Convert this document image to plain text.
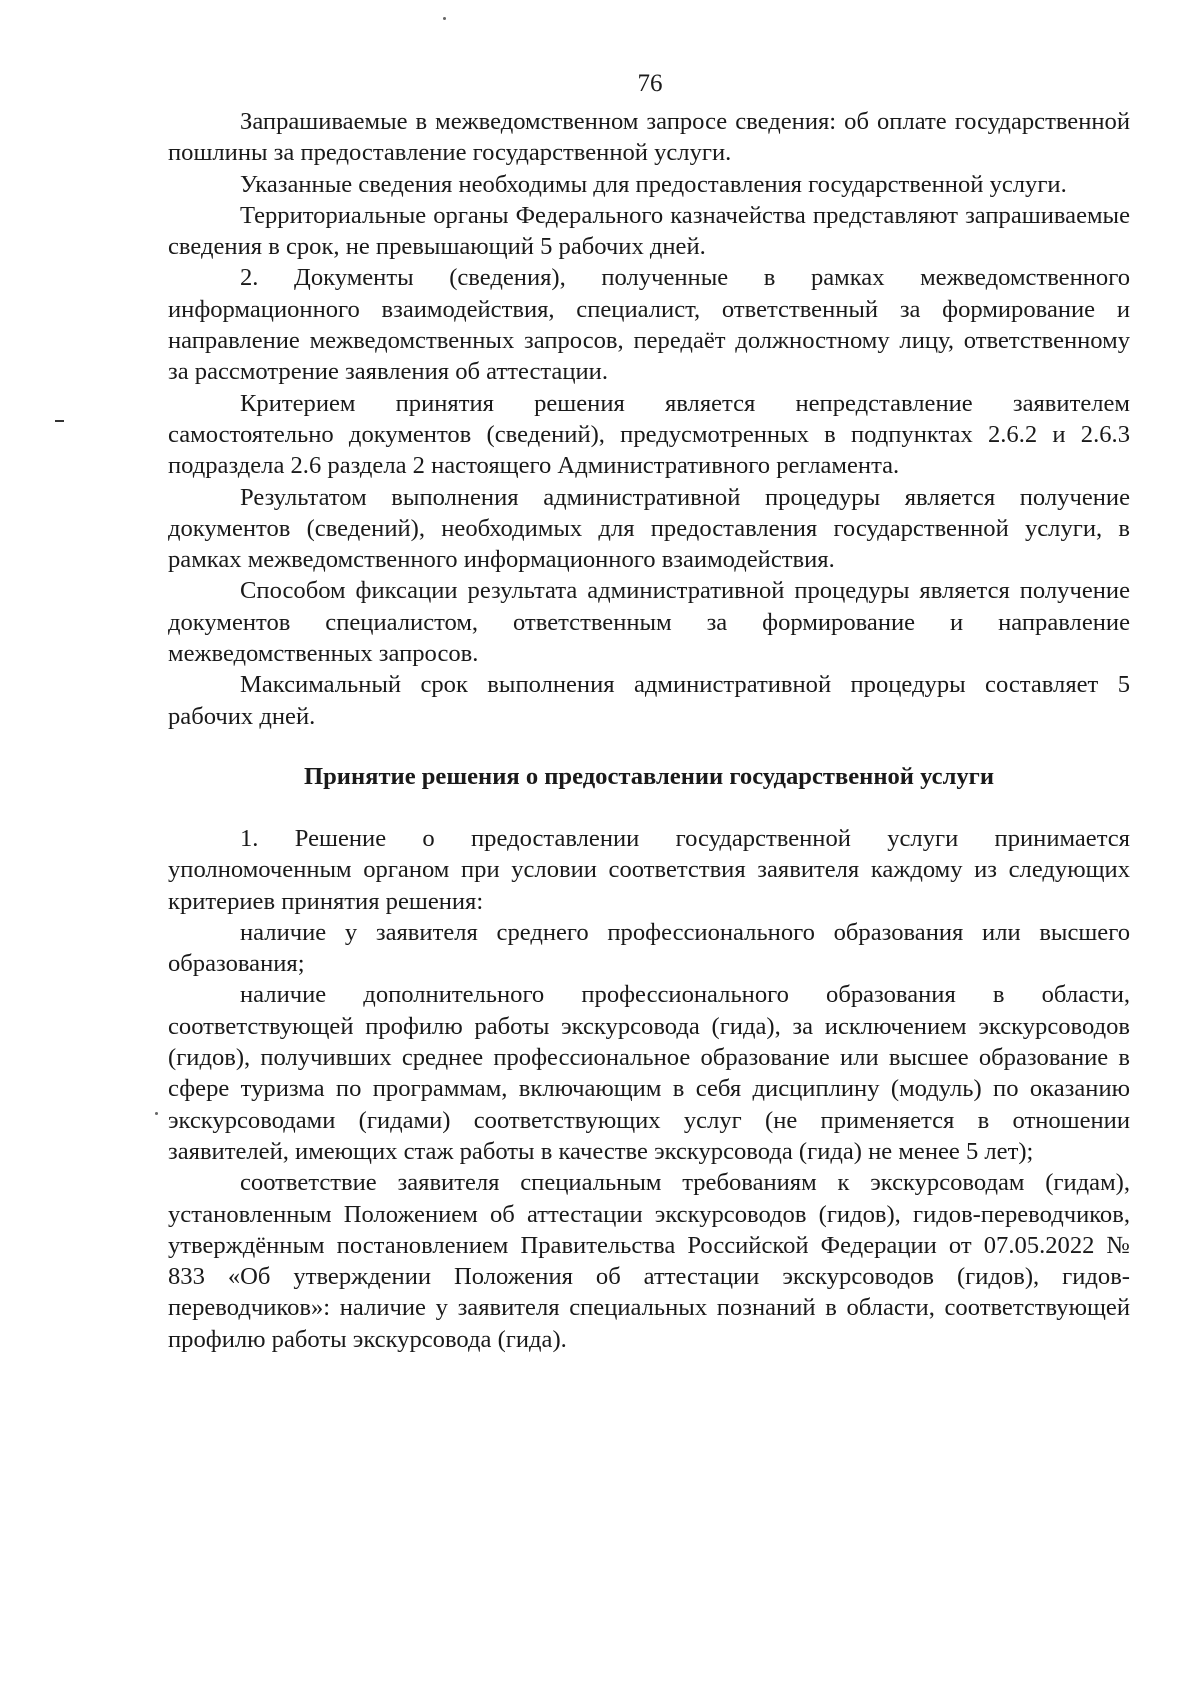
76

Запрашиваемые в межведомственном запросе сведения: об оплате государственной пошлины за предоставление государственной услуги.

Указанные сведения необходимы для предоставления государственной услуги.

Территориальные органы Федерального казначейства представляют запрашиваемые сведения в срок, не превышающий 5 рабочих дней.

2. Документы (сведения), полученные в рамках межведомственного информационного взаимодействия, специалист, ответственный за формирование и направление межведомственных запросов, передаёт должностному лицу, ответственному за рассмотрение заявления об аттестации.

Критерием принятия решения является непредставление заявителем самостоятельно документов (сведений), предусмотренных в подпунктах 2.6.2 и 2.6.3 подраздела 2.6 раздела 2 настоящего Административного регламента.

Результатом выполнения административной процедуры является получение документов (сведений), необходимых для предоставления государственной услуги, в рамках межведомственного информационного взаимодействия.

Способом фиксации результата административной процедуры является получение документов специалистом, ответственным за формирование и направление межведомственных запросов.

Максимальный срок выполнения административной процедуры составляет 5 рабочих дней.

Принятие решения о предоставлении государственной услуги

1. Решение о предоставлении государственной услуги принимается уполномоченным органом при условии соответствия заявителя каждому из следующих критериев принятия решения:

наличие у заявителя среднего профессионального образования или высшего образования;

наличие дополнительного профессионального образования в области, соответствующей профилю работы экскурсовода (гида), за исключением экскурсоводов (гидов), получивших среднее профессиональное образование или высшее образование в сфере туризма по программам, включающим в себя дисциплину (модуль) по оказанию экскурсоводами (гидами) соответствующих услуг (не применяется в отношении заявителей, имеющих стаж работы в качестве экскурсовода (гида) не менее 5 лет);

соответствие заявителя специальным требованиям к экскурсоводам (гидам), установленным Положением об аттестации экскурсоводов (гидов), гидов-переводчиков, утверждённым постановлением Правительства Российской Федерации от 07.05.2022 № 833 «Об утверждении Положения об аттестации экскурсоводов (гидов), гидов-переводчиков»: наличие у заявителя специальных познаний в области, соответствующей профилю работы экскурсовода (гида).
